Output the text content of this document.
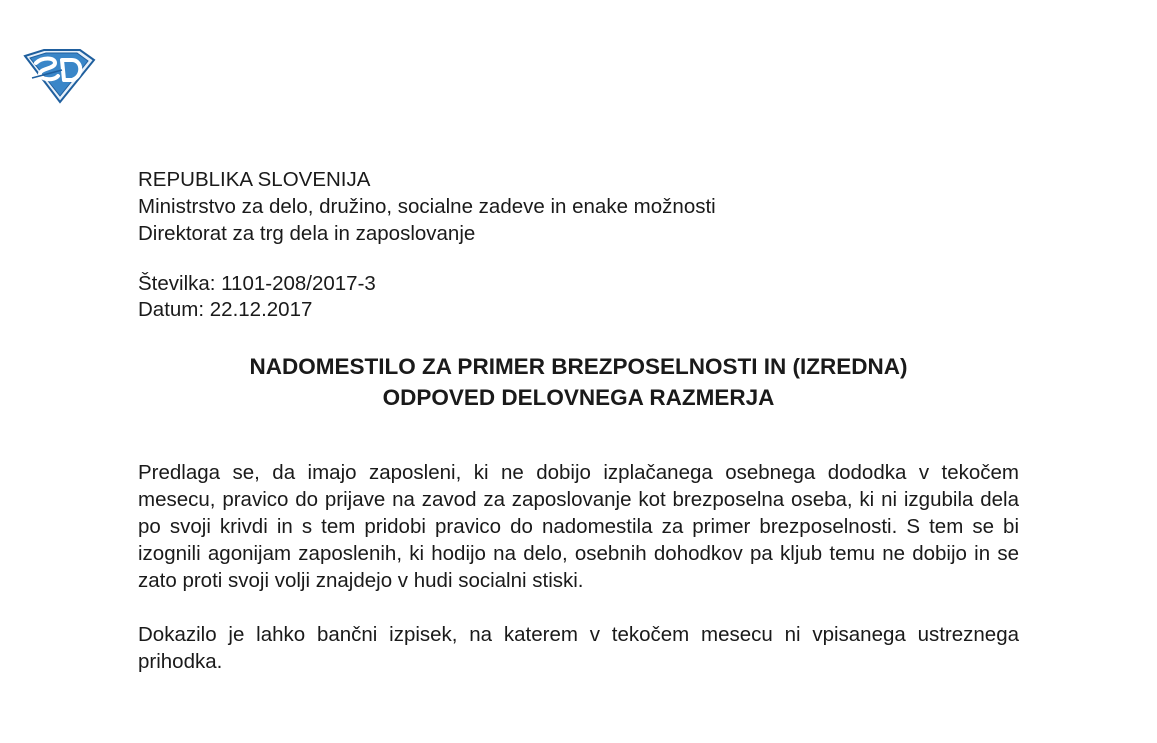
REPUBLIKA SLOVENIJA
Ministrstvo za delo, družino, socialne zadeve in enake možnosti
Direktorat za trg dela in zaposlovanje
Številka: 1101-208/2017-3
Datum: 22.12.2017
NADOMESTILO ZA PRIMER BREZPOSELNOSTI IN (IZREDNA)
ODPOVED DELOVNEGA RAZMERJA

Predlaga se, da imajo zaposleni, ki ne dobijo izplačanega osebnega dododka v tekočem mesecu, pravico do prijave na zavod za zaposlovanje kot brezposelna oseba, ki ni izgubila dela po svoji krivdi in s tem pridobi pravico do nadomestila za primer brezposelnosti. S tem se bi izognili agonijam zaposlenih, ki hodijo na delo, osebnih dohodkov pa kljub temu ne dobijo in se zato proti svoji volji znajdejo v hudi socialni stiski.

Dokazilo je lahko bančni izpisek, na katerem v tekočem mesecu ni vpisanega ustreznega prihodka.
